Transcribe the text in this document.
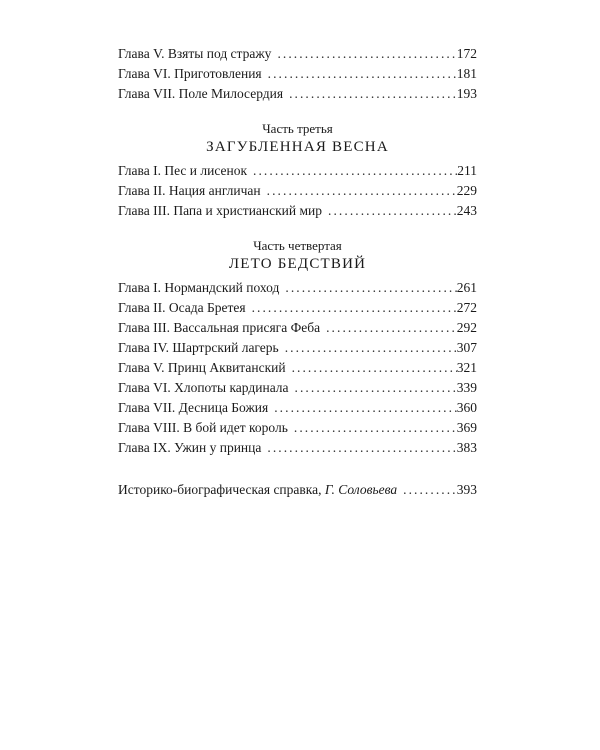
Глава V. Взяты под стражу . . .	172
Глава VI. Приготовления . . .	181
Глава VII. Поле Милосердия . . .	193
Часть третья
ЗАГУБЛЕННАЯ ВЕСНА
Глава I. Пес и лисенок . . .	211
Глава II. Нация англичан . . .	229
Глава III. Папа и христианский мир . . .	243
Часть четвертая
ЛЕТО БЕДСТВИЙ
Глава I. Нормандский поход . . .	261
Глава II. Осада Бретея . . .	272
Глава III. Вассальная присяга Феба . . .	292
Глава IV. Шартрский лагерь . . .	307
Глава V. Принц Аквитанский . . .	321
Глава VI. Хлопоты кардинала . . .	339
Глава VII. Десница Божия . . .	360
Глава VIII. В бой идет король . . .	369
Глава IX. Ужин у принца . . .	383
Историко-биографическая справка, Г. Соловьева . . .	393
